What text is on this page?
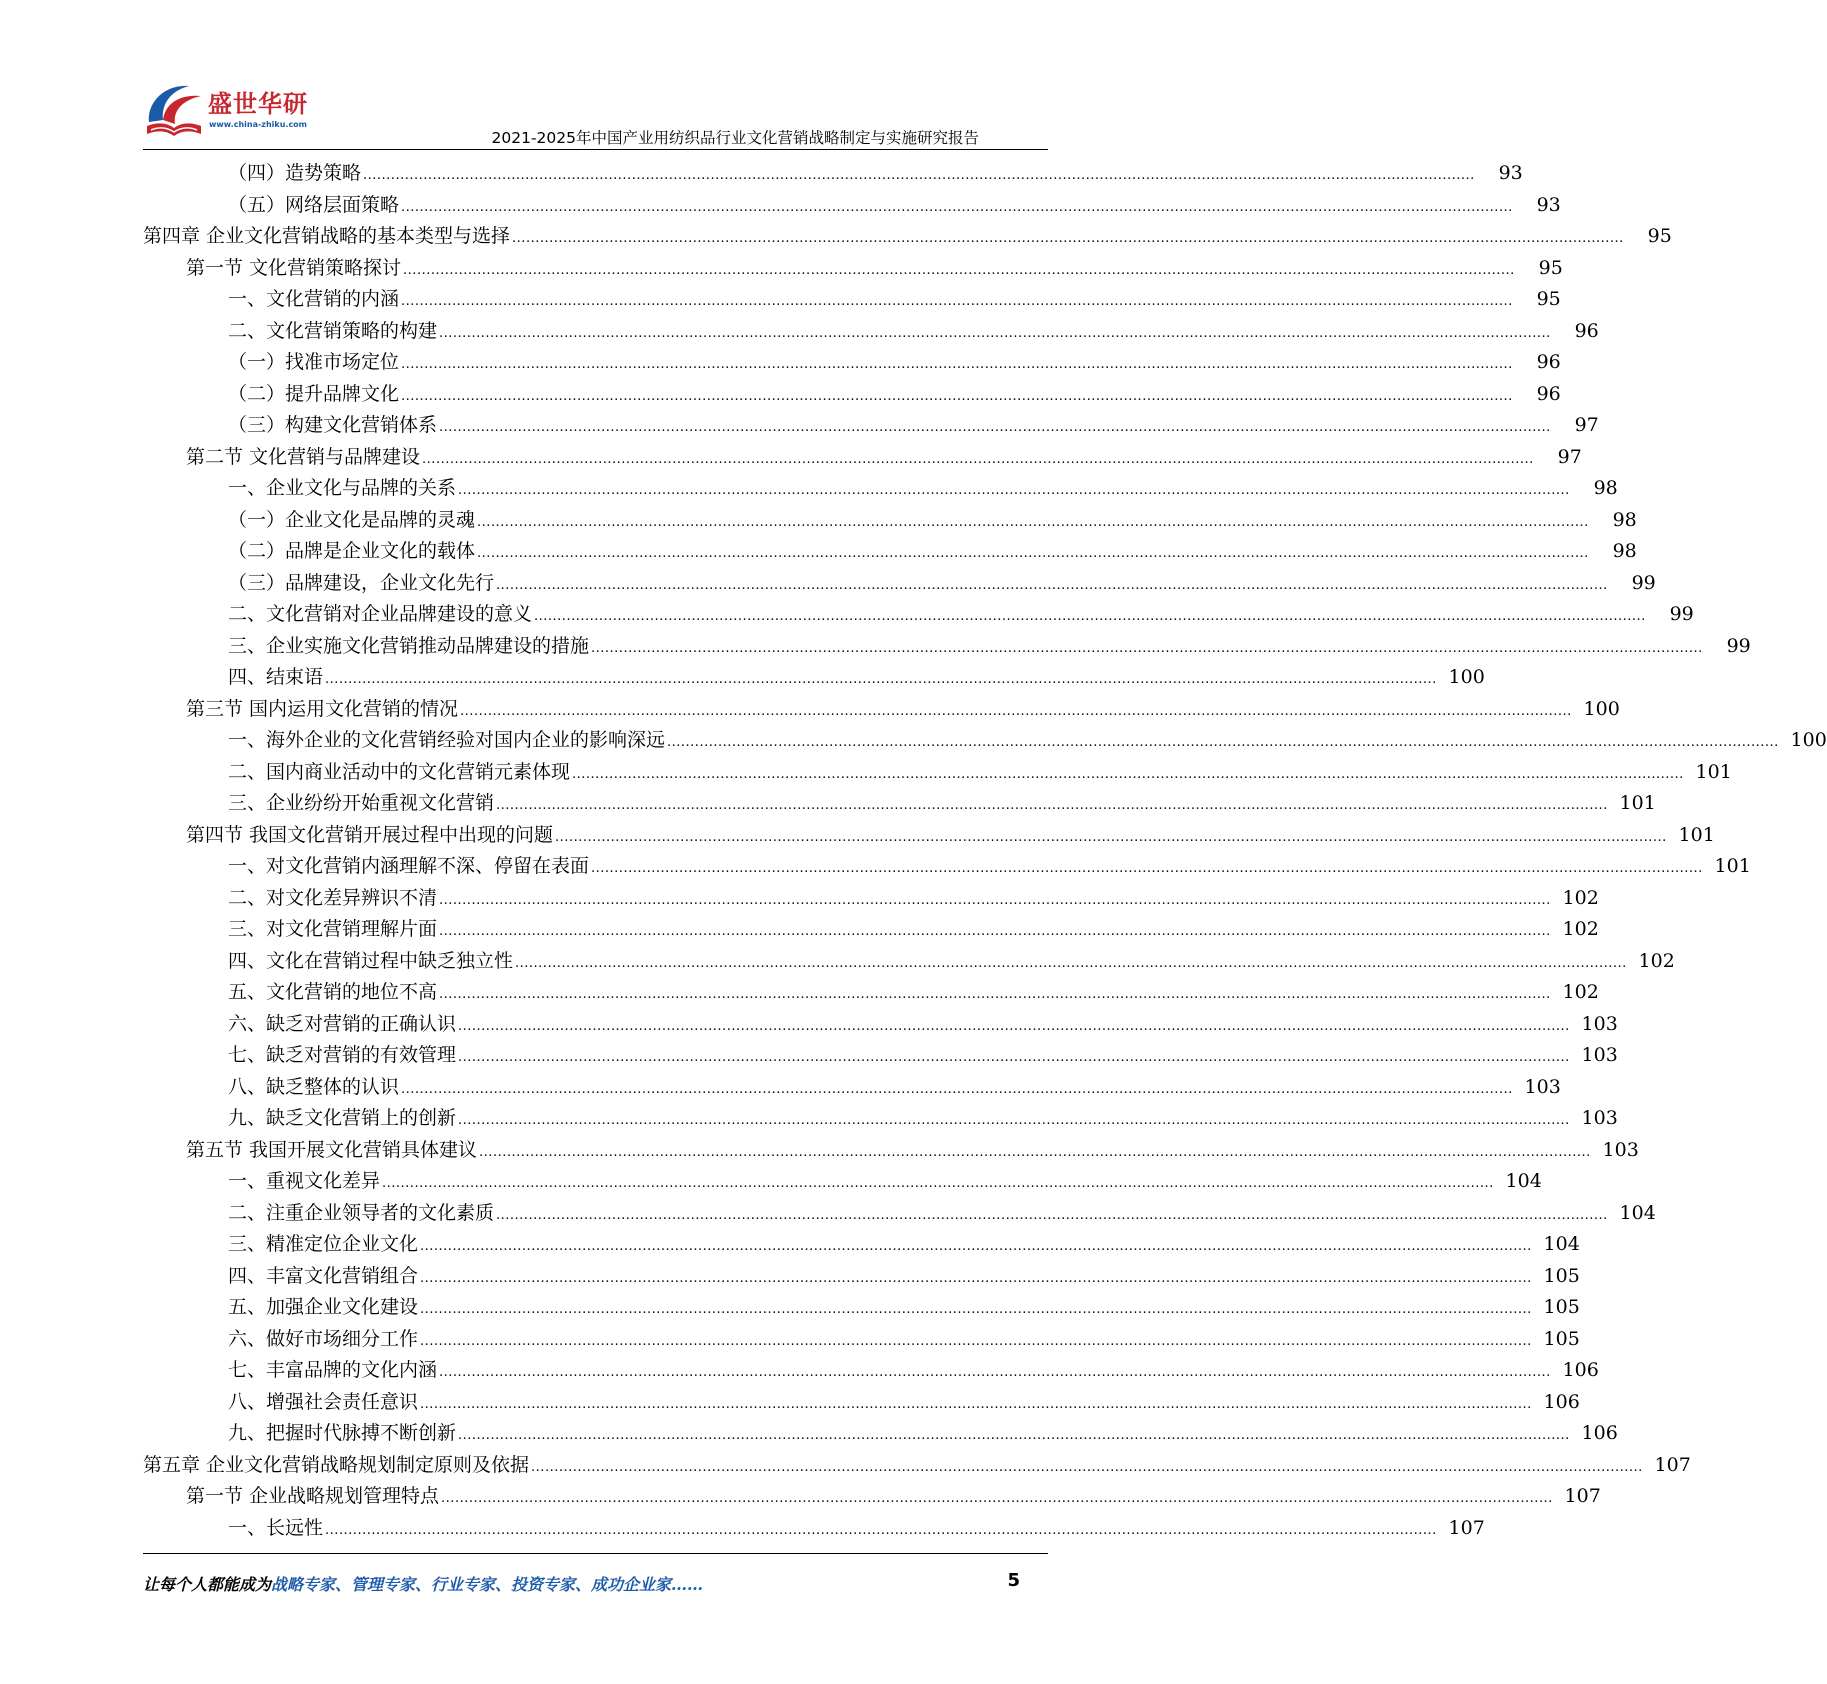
盛世华研
www.china-zhiku.com
2021-2025年中国产业用纺织品行业文化营销战略制定与实施研究报告
（四）造势策略 ................................................................................................................................................................................................................................................	93
（五）网络层面策略 ................................................................................................................................................................................................................................................	93
第四章 企业文化营销战略的基本类型与选择 ................................................................................................................................................................................................................................................	95
第一节 文化营销策略探讨 ................................................................................................................................................................................................................................................	95
一、文化营销的内涵 ................................................................................................................................................................................................................................................	95
二、文化营销策略的构建 ................................................................................................................................................................................................................................................	96
（一）找准市场定位 ................................................................................................................................................................................................................................................	96
（二）提升品牌文化 ................................................................................................................................................................................................................................................	96
（三）构建文化营销体系 ................................................................................................................................................................................................................................................	97
第二节 文化营销与品牌建设 ................................................................................................................................................................................................................................................	97
一、企业文化与品牌的关系 ................................................................................................................................................................................................................................................	98
（一）企业文化是品牌的灵魂 ................................................................................................................................................................................................................................................	98
（二）品牌是企业文化的载体 ................................................................................................................................................................................................................................................	98
（三）品牌建设，企业文化先行 ................................................................................................................................................................................................................................................	99
二、文化营销对企业品牌建设的意义 ................................................................................................................................................................................................................................................	99
三、企业实施文化营销推动品牌建设的措施 ................................................................................................................................................................................................................................................	99
四、结束语 ................................................................................................................................................................................................................................................ 100
第三节 国内运用文化营销的情况 ................................................................................................................................................................................................................................................ 100
一、海外企业的文化营销经验对国内企业的影响深远 ................................................................................................................................................................................................................................................ 100
二、国内商业活动中的文化营销元素体现 ................................................................................................................................................................................................................................................ 101
三、企业纷纷开始重视文化营销 ................................................................................................................................................................................................................................................ 101
第四节 我国文化营销开展过程中出现的问题 ................................................................................................................................................................................................................................................ 101
一、对文化营销内涵理解不深、停留在表面 ................................................................................................................................................................................................................................................ 101
二、对文化差异辨识不清 ................................................................................................................................................................................................................................................ 102
三、对文化营销理解片面 ................................................................................................................................................................................................................................................ 102
四、文化在营销过程中缺乏独立性 ................................................................................................................................................................................................................................................ 102
五、文化营销的地位不高 ................................................................................................................................................................................................................................................ 102
六、缺乏对营销的正确认识 ................................................................................................................................................................................................................................................ 103
七、缺乏对营销的有效管理 ................................................................................................................................................................................................................................................ 103
八、缺乏整体的认识 ................................................................................................................................................................................................................................................ 103
九、缺乏文化营销上的创新 ................................................................................................................................................................................................................................................ 103
第五节 我国开展文化营销具体建议 ................................................................................................................................................................................................................................................ 103
一、重视文化差异 ................................................................................................................................................................................................................................................ 104
二、注重企业领导者的文化素质 ................................................................................................................................................................................................................................................ 104
三、精准定位企业文化 ................................................................................................................................................................................................................................................ 104
四、丰富文化营销组合 ................................................................................................................................................................................................................................................ 105
五、加强企业文化建设 ................................................................................................................................................................................................................................................ 105
六、做好市场细分工作 ................................................................................................................................................................................................................................................ 105
七、丰富品牌的文化内涵 ................................................................................................................................................................................................................................................ 106
八、增强社会责任意识 ................................................................................................................................................................................................................................................ 106
九、把握时代脉搏不断创新 ................................................................................................................................................................................................................................................ 106
第五章 企业文化营销战略规划制定原则及依据 ................................................................................................................................................................................................................................................ 107
第一节 企业战略规划管理特点 ................................................................................................................................................................................................................................................ 107
一、长远性 ................................................................................................................................................................................................................................................ 107
让每个人都能成为战略专家、管理专家、行业专家、投资专家、成功企业家……	5
